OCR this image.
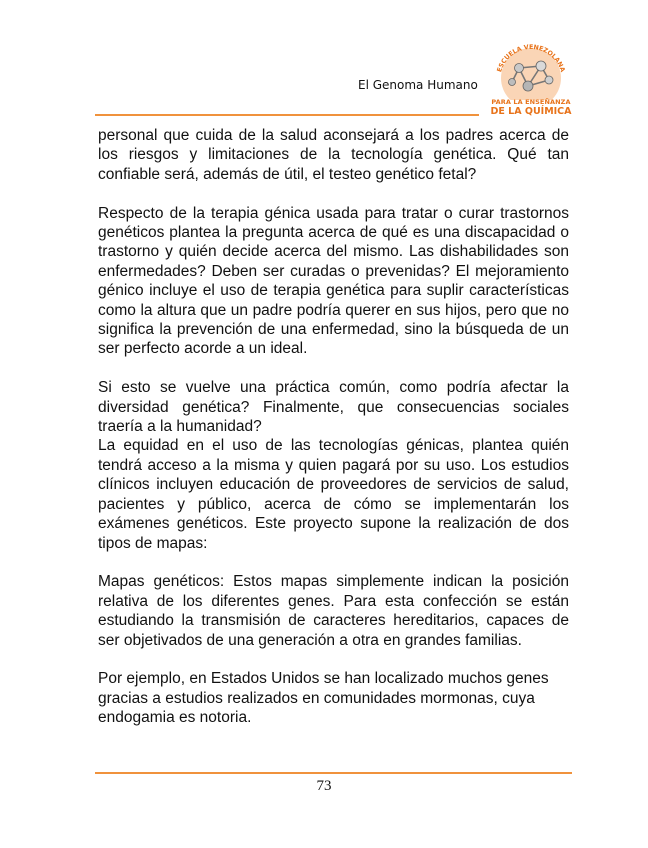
El Genoma Humano
ESCUELA VENEZOLANA
PARA LA ENSEÑANZA
DE LA QUÍMICA

personal que cuida de la salud aconsejará a los padres acerca de los riesgos y limitaciones de la tecnología genética. Qué tan confiable será, además de útil, el testeo genético fetal?

Respecto de la terapia génica usada para tratar o curar trastornos genéticos plantea la pregunta acerca de qué es una discapacidad o trastorno y quién decide acerca del mismo. Las dishabilidades son enfermedades? Deben ser curadas o prevenidas? El mejoramiento génico incluye el uso de terapia genética para suplir características como la altura que un padre podría querer en sus hijos, pero que no significa la prevención de una enfermedad, sino la búsqueda de un ser perfecto acorde a un ideal.

Si esto se vuelve una práctica común, como podría afectar la diversidad genética? Finalmente, que consecuencias sociales traería a la humanidad?

La equidad en el uso de las tecnologías génicas, plantea quién tendrá acceso a la misma y quien pagará por su uso. Los estudios clínicos incluyen educación de proveedores de servicios de salud, pacientes y público, acerca de cómo se implementarán los exámenes genéticos. Este proyecto supone la realización de dos tipos de mapas:

Mapas genéticos: Estos mapas simplemente indican la posición relativa de los diferentes genes. Para esta confección se están estudiando la transmisión de caracteres hereditarios, capaces de ser objetivados de una generación a otra en grandes familias.

Por ejemplo, en Estados Unidos se han localizado muchos genes gracias a estudios realizados en comunidades mormonas, cuya endogamia es notoria.

73
